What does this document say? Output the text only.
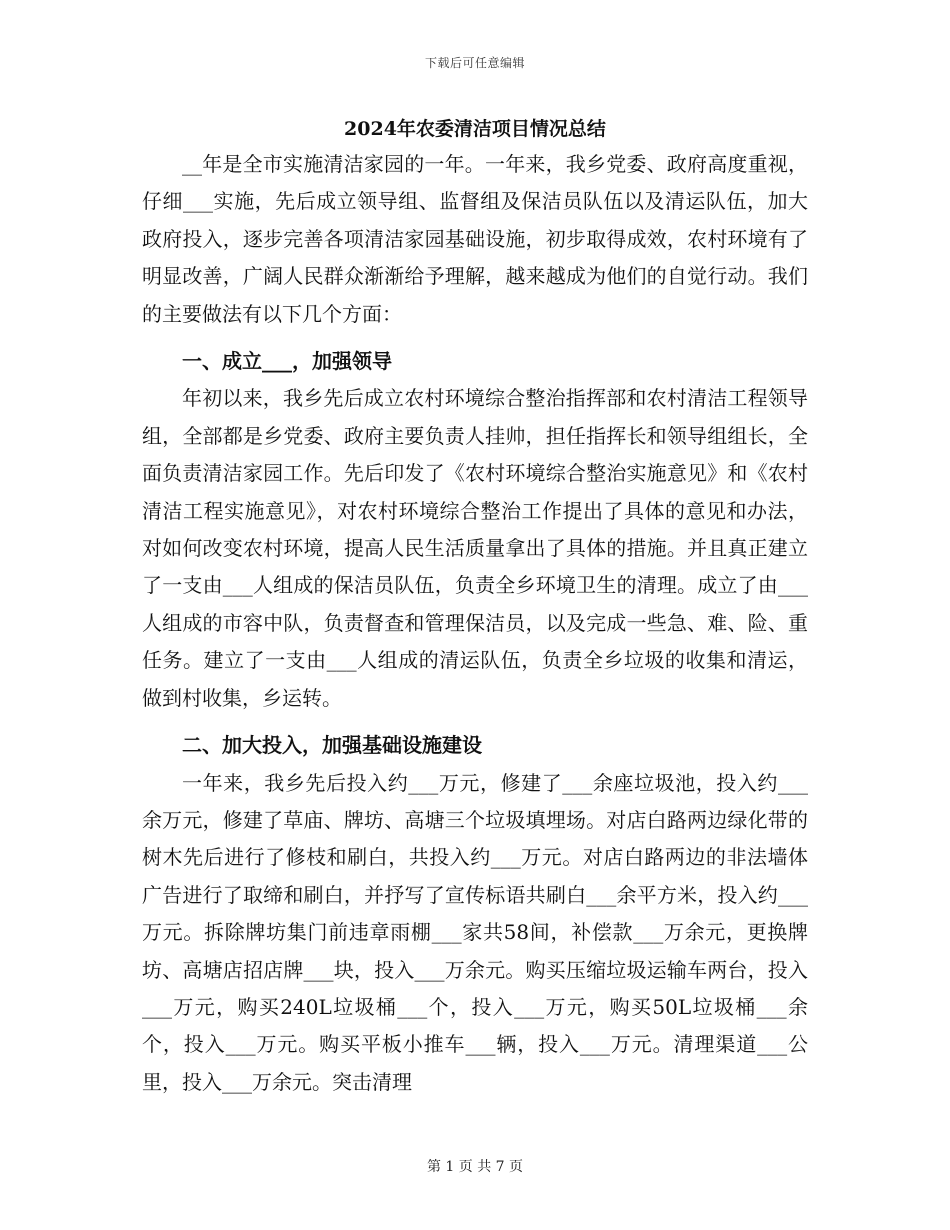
下载后可任意编辑
2024年农委清洁项目情况总结

__年是全市实施清洁家园的一年。一年来，我乡党委、政府高度重视，仔细___实施，先后成立领导组、监督组及保洁员队伍以及清运队伍，加大政府投入，逐步完善各项清洁家园基础设施，初步取得成效，农村环境有了明显改善，广阔人民群众渐渐给予理解，越来越成为他们的自觉行动。我们的主要做法有以下几个方面：

一、成立___，加强领导

年初以来，我乡先后成立农村环境综合整治指挥部和农村清洁工程领导组，全部都是乡党委、政府主要负责人挂帅，担任指挥长和领导组组长，全面负责清洁家园工作。先后印发了《农村环境综合整治实施意见》和《农村清洁工程实施意见》，对农村环境综合整治工作提出了具体的意见和办法，对如何改变农村环境，提高人民生活质量拿出了具体的措施。并且真正建立了一支由___人组成的保洁员队伍，负责全乡环境卫生的清理。成立了由___人组成的市容中队，负责督查和管理保洁员，以及完成一些急、难、险、重任务。建立了一支由___人组成的清运队伍，负责全乡垃圾的收集和清运，做到村收集，乡运转。

二、加大投入，加强基础设施建设

一年来，我乡先后投入约___万元，修建了___余座垃圾池，投入约___余万元，修建了草庙、牌坊、高塘三个垃圾填埋场。对店白路两边绿化带的树木先后进行了修枝和刷白，共投入约___万元。对店白路两边的非法墙体广告进行了取缔和刷白，并抒写了宣传标语共刷白___余平方米，投入约___万元。拆除牌坊集门前违章雨棚___家共58间，补偿款___万余元，更换牌坊、高塘店招店牌___块，投入___万余元。购买压缩垃圾运输车两台，投入___万元，购买240L垃圾桶___个，投入___万元，购买50L垃圾桶___余个，投入___万元。购买平板小推车___辆，投入___万元。清理渠道___公里，投入___万余元。突击清理

第 1 页 共 7 页
